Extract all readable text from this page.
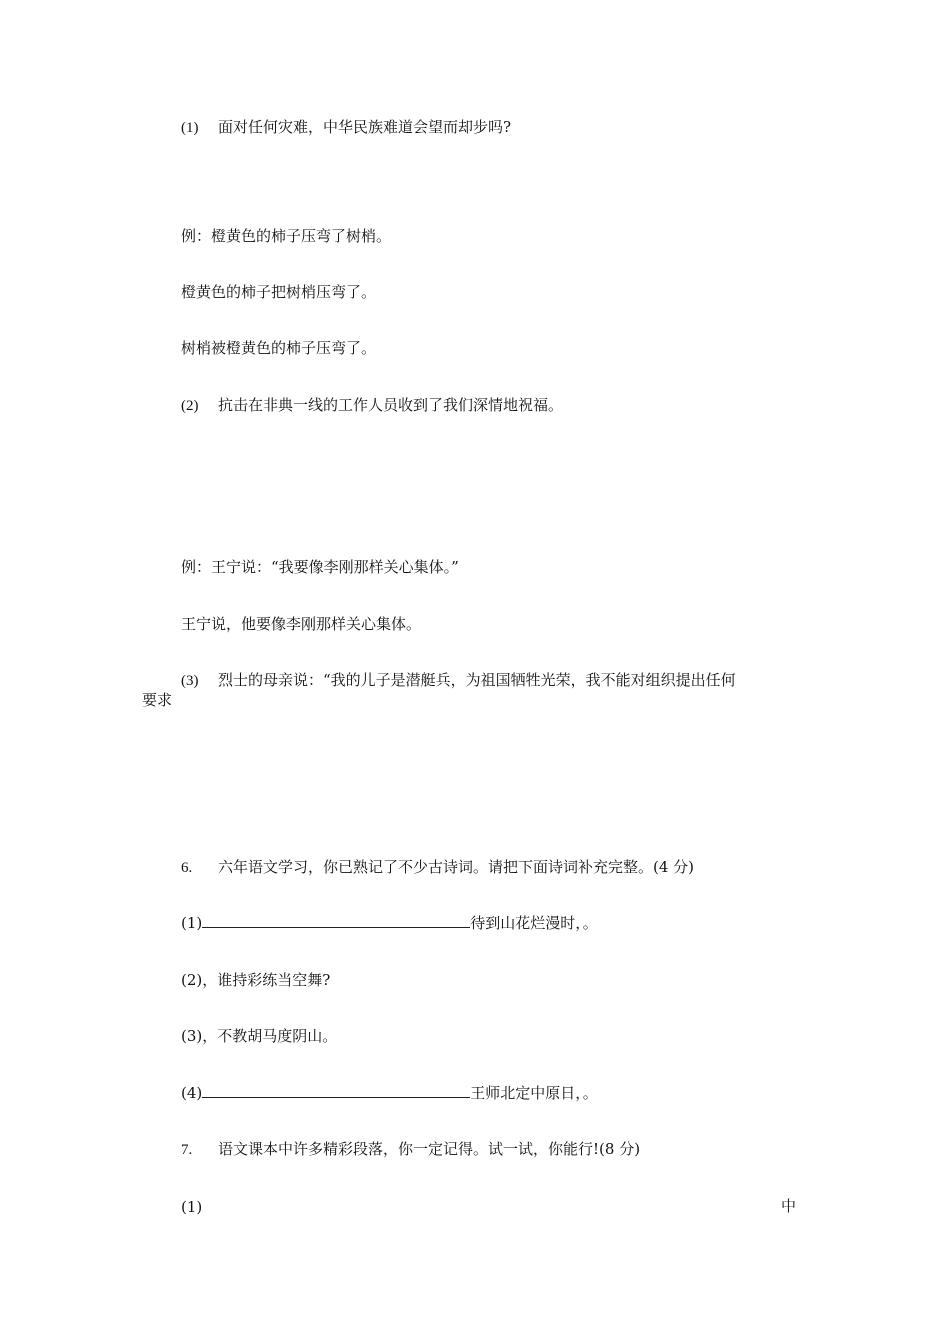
(1) 面对任何灾难，中华民族难道会望而却步吗?
例：橙黄色的柿子压弯了树梢。
橙黄色的柿子把树梢压弯了。
树梢被橙黄色的柿子压弯了。
(2) 抗击在非典一线的工作人员收到了我们深情地祝福。
例：王宁说：“我要像李刚那样关心集体。”
王宁说，他要像李刚那样关心集体。
(3) 烈士的母亲说：“我的儿子是潜艇兵，为祖国牺牲光荣，我不能对组织提出任何
要求
6. 六年语文学习，你已熟记了不少古诗词。请把下面诗词补充完整。(4 分)
(1)	待到山花烂漫时，。
(2)，谁持彩练当空舞?
(3)，不教胡马度阴山。
(4)	王师北定中原日，。
7. 语文课本中许多精彩段落，你一定记得。试一试，你能行!(8 分)
(1)	中
